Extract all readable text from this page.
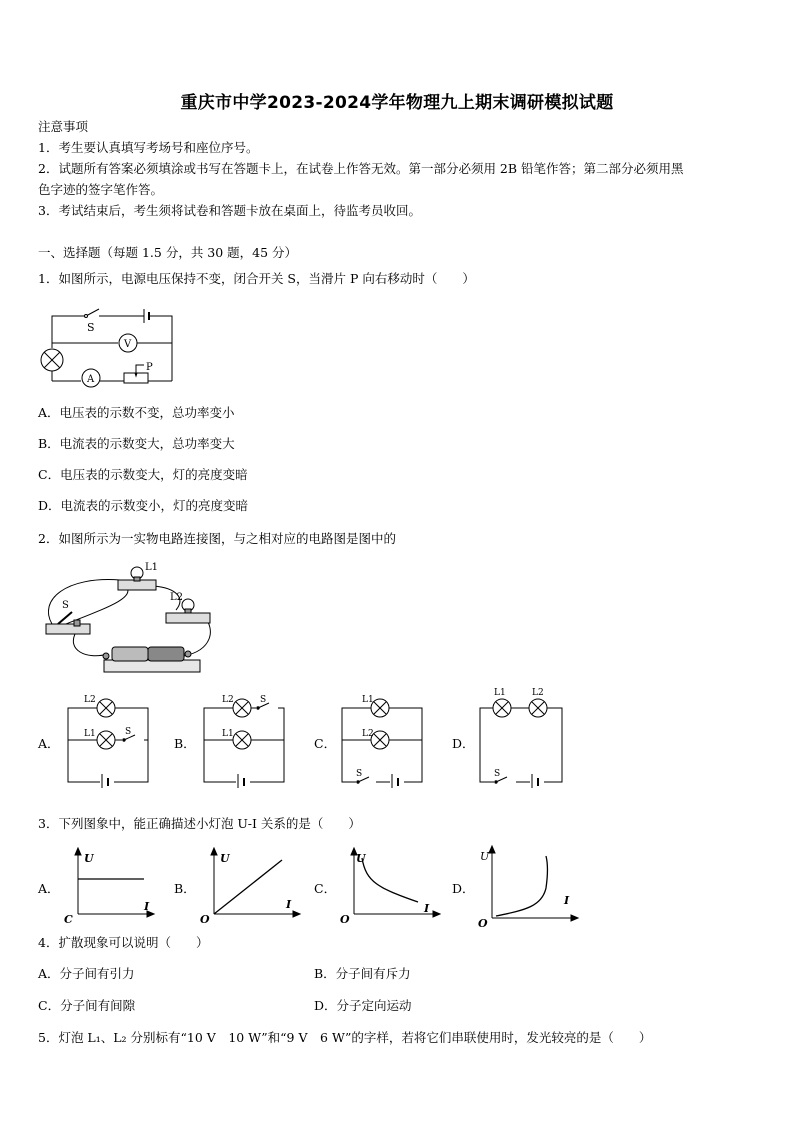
重庆市中学2023-2024学年物理九上期末调研模拟试题
注意事项
1．考生要认真填写考场号和座位序号。
2．试题所有答案必须填涂或书写在答题卡上，在试卷上作答无效。第一部分必须用 2B 铅笔作答；第二部分必须用黑
色字迹的签字笔作答。
3．考试结束后，考生须将试卷和答题卡放在桌面上，待监考员收回。
一、选择题（每题 1.5 分，共 30 题，45 分）
1．如图所示，电源电压保持不变，闭合开关 S，当滑片 P 向右移动时（　　）
S
V
A
P
A．电压表的示数不变，总功率变小
B．电流表的示数变大，总功率变大
C．电压表的示数变大，灯的亮度变暗
D．电流表的示数变小，灯的亮度变暗
2．如图所示为一实物电路连接图，与之相对应的电路图是图中的
L1
L2
S
A．
L2
L1	S
B．
L2	S
L1
C．
L1
L2
S
D．
L1	L2
S
3．下列图象中，能正确描述小灯泡 U-I 关系的是（　　）
A．
U
I
C
B．
U
I
O
C．
U
I
O
D．
U
I
O
4．扩散现象可以说明（　　）
A．分子间有引力	B．分子间有斥力
C．分子间有间隙	D．分子定向运动
5．灯泡 L₁、L₂ 分别标有“10 V　10 W”和“9 V　6 W”的字样，若将它们串联使用时，发光较亮的是（　　）
